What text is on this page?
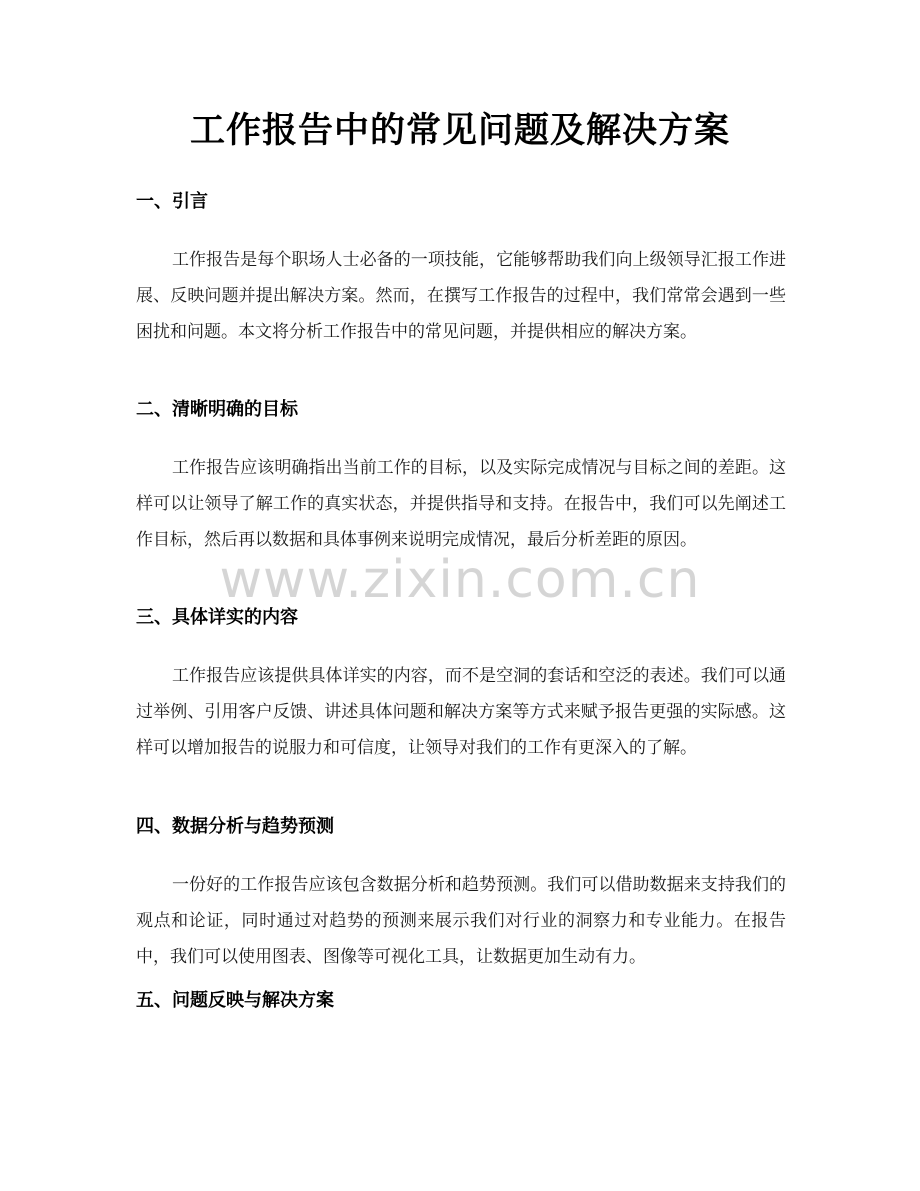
工作报告中的常见问题及解决方案
一、引言

工作报告是每个职场人士必备的一项技能，它能够帮助我们向上级领导汇报工作进展、反映问题并提出解决方案。然而，在撰写工作报告的过程中，我们常常会遇到一些困扰和问题。本文将分析工作报告中的常见问题，并提供相应的解决方案。

二、清晰明确的目标

工作报告应该明确指出当前工作的目标，以及实际完成情况与目标之间的差距。这样可以让领导了解工作的真实状态，并提供指导和支持。在报告中，我们可以先阐述工作目标，然后再以数据和具体事例来说明完成情况，最后分析差距的原因。

三、具体详实的内容

工作报告应该提供具体详实的内容，而不是空洞的套话和空泛的表述。我们可以通过举例、引用客户反馈、讲述具体问题和解决方案等方式来赋予报告更强的实际感。这样可以增加报告的说服力和可信度，让领导对我们的工作有更深入的了解。

四、数据分析与趋势预测

一份好的工作报告应该包含数据分析和趋势预测。我们可以借助数据来支持我们的观点和论证，同时通过对趋势的预测来展示我们对行业的洞察力和专业能力。在报告中，我们可以使用图表、图像等可视化工具，让数据更加生动有力。

五、问题反映与解决方案
www.zixin.com.cn
